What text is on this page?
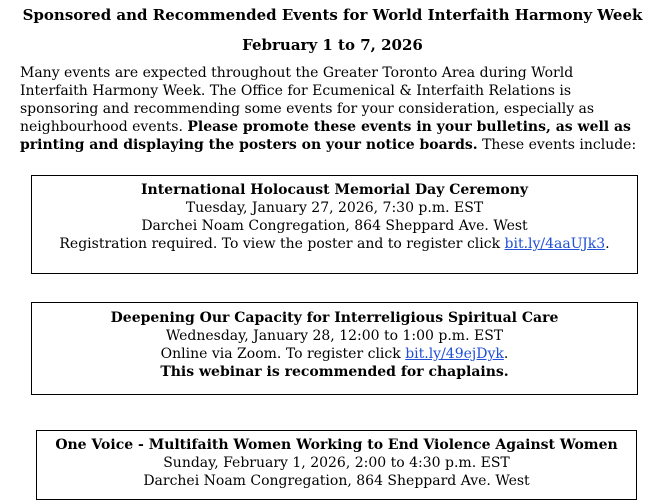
Sponsored and Recommended Events for World Interfaith Harmony Week
February 1 to 7, 2026

Many events are expected throughout the Greater Toronto Area during World Interfaith Harmony Week. The Office for Ecumenical & Interfaith Relations is sponsoring and recommending some events for your consideration, especially as neighbourhood events. Please promote these events in your bulletins, as well as printing and displaying the posters on your notice boards. These events include:

International Holocaust Memorial Day Ceremony
Tuesday, January 27, 2026, 7:30 p.m. EST
Darchei Noam Congregation, 864 Sheppard Ave. West
Registration required. To view the poster and to register click bit.ly/4aaUJk3.
Deepening Our Capacity for Interreligious Spiritual Care
Wednesday, January 28, 12:00 to 1:00 p.m. EST
Online via Zoom. To register click bit.ly/49ejDyk.
This webinar is recommended for chaplains.
One Voice - Multifaith Women Working to End Violence Against Women
Sunday, February 1, 2026, 2:00 to 4:30 p.m. EST
Darchei Noam Congregation, 864 Sheppard Ave. West
